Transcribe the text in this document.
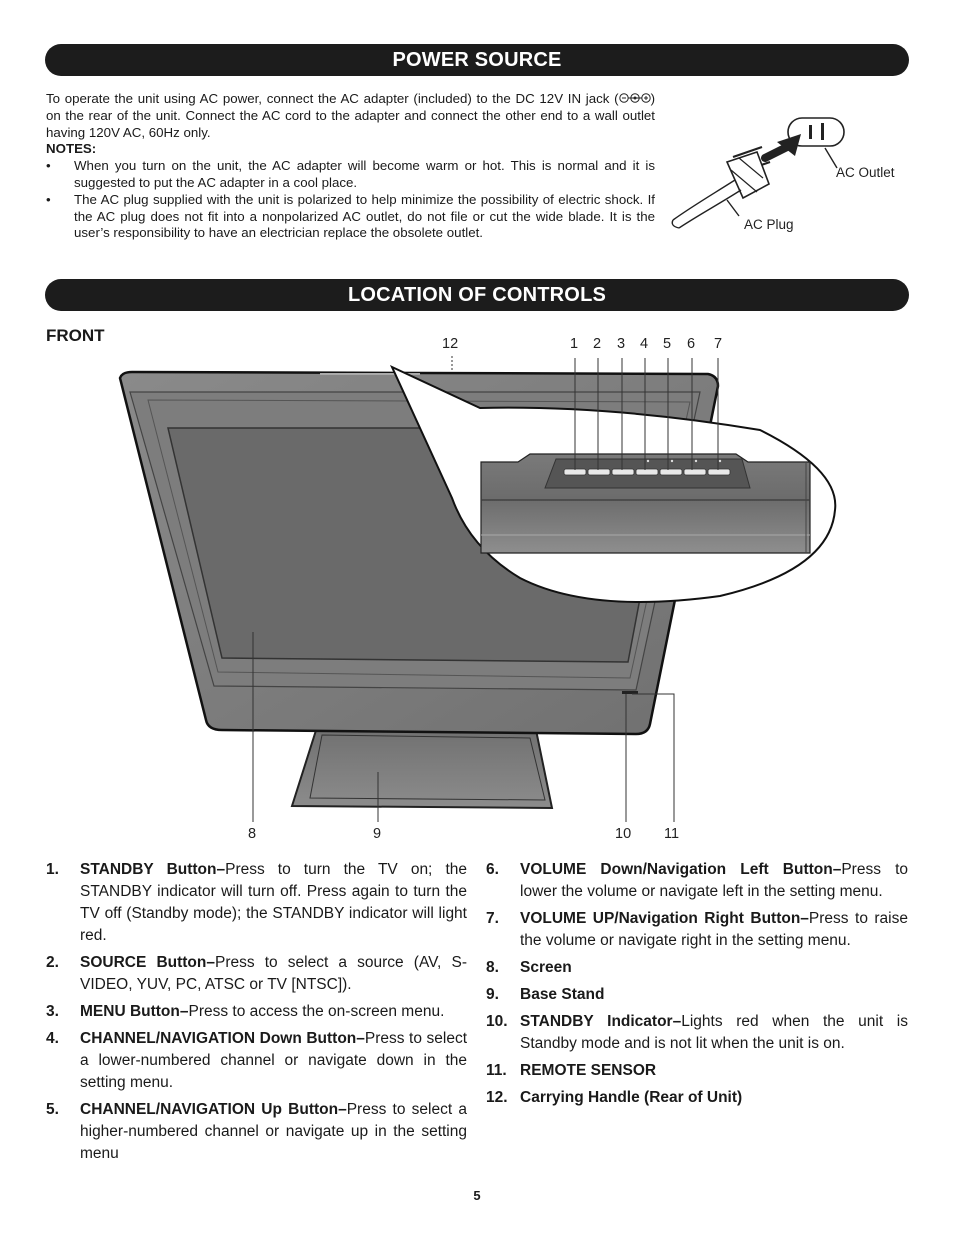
POWER SOURCE

To operate the unit using AC power, connect the AC adapter (included) to the DC 12V IN jack ( ) on the rear of the unit. Connect the AC cord to the adapter and connect the other end to a wall outlet having 120V AC, 60Hz only.

NOTES:
• When you turn on the unit, the AC adapter will become warm or hot. This is normal and it is suggested to put the AC adapter in a cool place.
• The AC plug supplied with the unit is polarized to help minimize the possibility of electric shock. If the AC plug does not fit into a nonpolarized AC outlet, do not file or cut the wide blade. It is the user’s responsibility to have an electrician replace the obsolete outlet.
AC Outlet
AC Plug
LOCATION OF CONTROLS
FRONT	12	1 2 3 4 5 6 7
8	9	10 11
1. STANDBY Button–Press to turn the TV on; the STANDBY indicator will turn off. Press again to turn the TV off (Standby mode); the STANDBY indicator will light red.
2. SOURCE Button–Press to select a source (AV, S-VIDEO, YUV, PC, ATSC or TV [NTSC]).
3. MENU Button–Press to access the on-screen menu.
4. CHANNEL/NAVIGATION Down Button–Press to select a lower-numbered channel or navigate down in the setting menu.
5. CHANNEL/NAVIGATION Up Button–Press to select a higher-numbered channel or navigate up in the setting menu
6. VOLUME Down/Navigation Left Button–Press to lower the volume or navigate left in the setting menu.
7. VOLUME UP/Navigation Right Button–Press to raise the volume or navigate right in the setting menu.
8. Screen
9. Base Stand
10. STANDBY Indicator–Lights red when the unit is Standby mode and is not lit when the unit is on.
11. REMOTE SENSOR
12. Carrying Handle (Rear of Unit)
5
